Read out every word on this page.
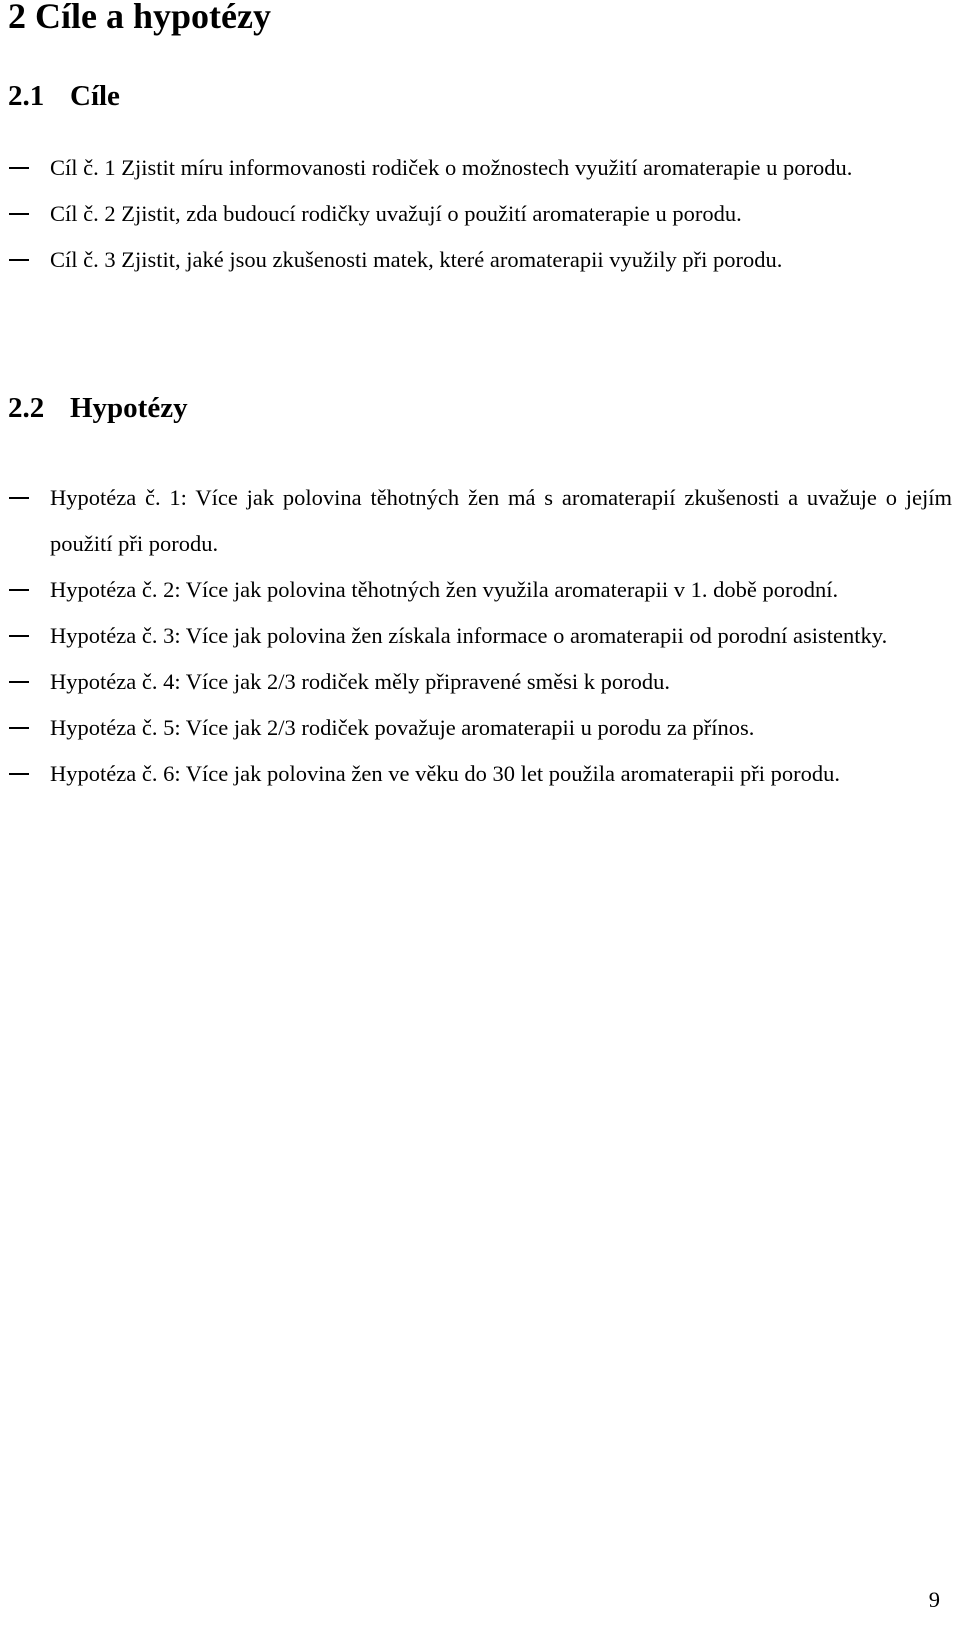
2 Cíle a hypotézy
2.1 Cíle
Cíl č. 1 Zjistit míru informovanosti rodiček o možnostech využití aromaterapie u porodu.
Cíl č. 2 Zjistit, zda budoucí rodičky uvažují o použití aromaterapie u porodu.
Cíl č. 3 Zjistit, jaké jsou zkušenosti matek, které aromaterapii využily při porodu.
2.2 Hypotézy
Hypotéza č. 1: Více jak polovina těhotných žen má s aromaterapií zkušenosti a uvažuje o jejím použití při porodu.
Hypotéza č. 2: Více jak polovina těhotných žen využila aromaterapii v 1. době porodní.
Hypotéza č. 3: Více jak polovina žen získala informace o aromaterapii od porodní asistentky.
Hypotéza č. 4: Více jak 2/3 rodiček měly připravené směsi k porodu.
Hypotéza č. 5: Více jak 2/3 rodiček považuje aromaterapii u porodu za přínos.
Hypotéza č. 6: Více jak polovina žen ve věku do 30 let použila aromaterapii při porodu.
9
